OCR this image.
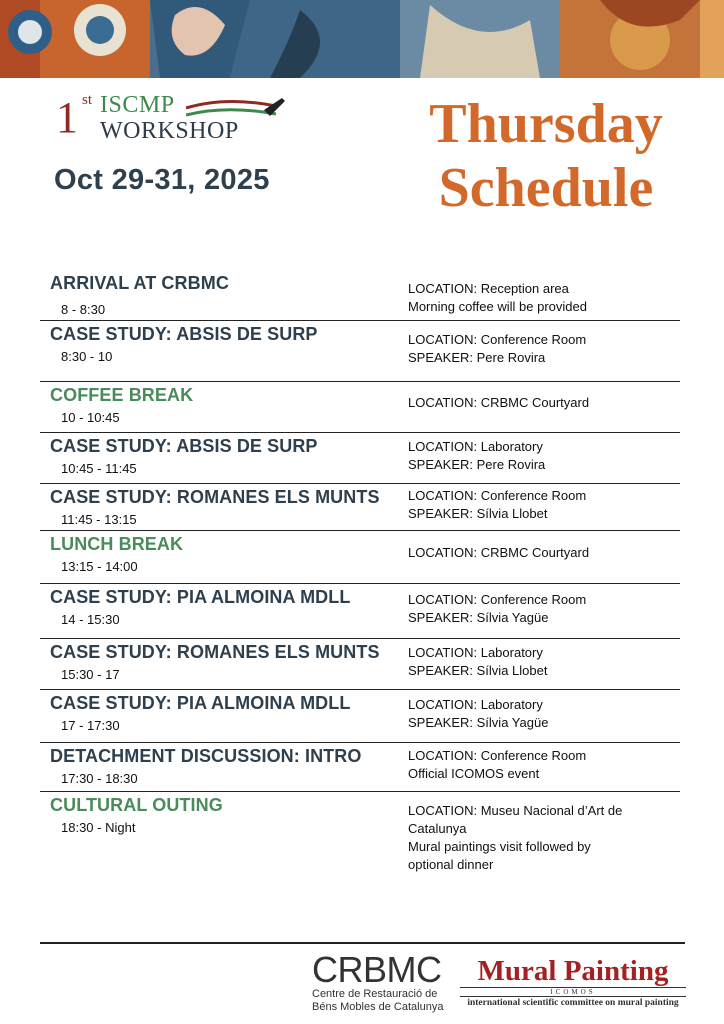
1 st ISCMP
WORKSHOP
Oct 29-31, 2025
Thursday
Schedule
ARRIVAL AT CRBMC
8 - 8:30
LOCATION: Reception area
Morning coffee will be provided
CASE STUDY: ABSIS DE SURP
8:30 - 10
LOCATION: Conference Room
SPEAKER: Pere Rovira
COFFEE BREAK
10 - 10:45
LOCATION: CRBMC Courtyard
CASE STUDY: ABSIS DE SURP
10:45 - 11:45
LOCATION: Laboratory
SPEAKER: Pere Rovira
CASE STUDY: ROMANES ELS MUNTS
11:45 - 13:15
LOCATION: Conference Room
SPEAKER: Sílvia Llobet
LUNCH BREAK
13:15 - 14:00
LOCATION: CRBMC Courtyard
CASE STUDY: PIA ALMOINA MDLL
14 - 15:30
LOCATION: Conference Room
SPEAKER: Sílvia Yagüe
CASE STUDY: ROMANES ELS MUNTS
15:30 - 17
LOCATION: Laboratory
SPEAKER: Sílvia Llobet
CASE STUDY: PIA ALMOINA MDLL
17 - 17:30
LOCATION: Laboratory
SPEAKER: Sílvia Yagüe
DETACHMENT DISCUSSION: INTRO
17:30 - 18:30
LOCATION: Conference Room
Official ICOMOS event
CULTURAL OUTING
18:30 - Night
LOCATION: Museu Nacional d’Art de
Catalunya
Mural paintings visit followed by
optional dinner
CRBMC
Centre de Restauració de
Béns Mobles de Catalunya
Mural Painting
ICOMOS
international scientific committee on mural painting
